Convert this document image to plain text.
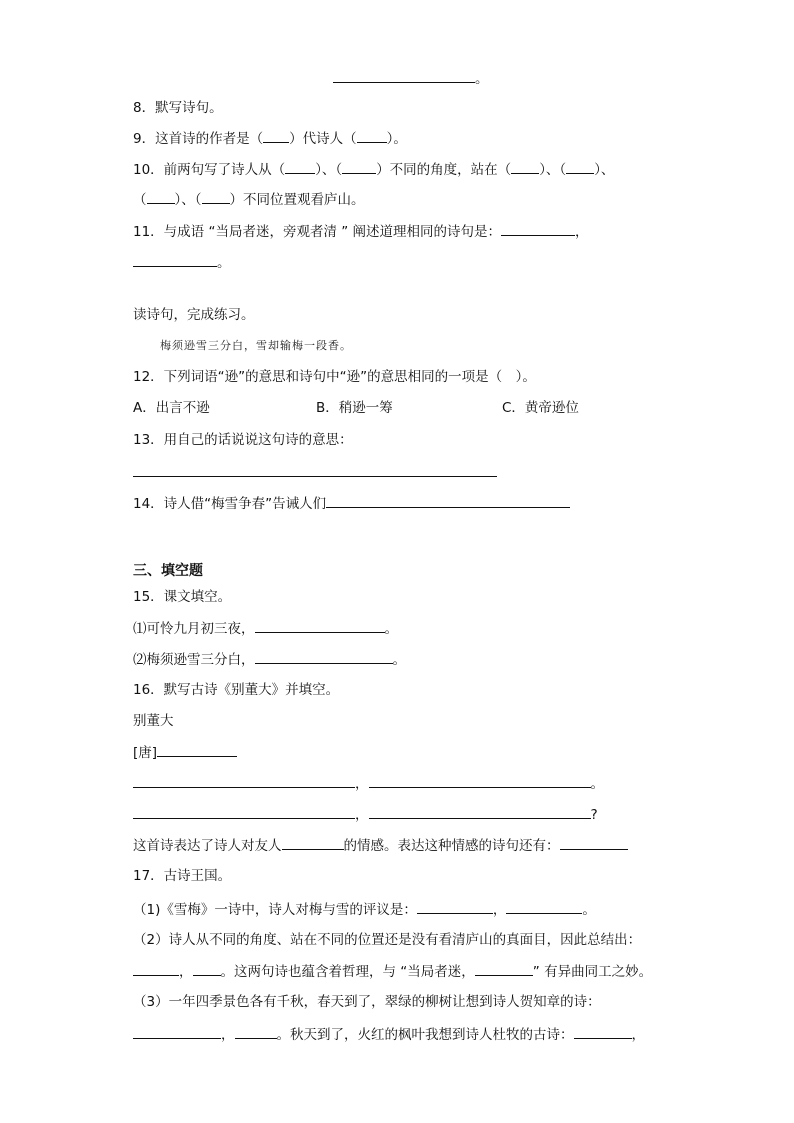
。
8．默写诗句。
9．这首诗的作者是（ ）代诗人（ ）。
10．前两句写了诗人从（ ）、（	）不同的角度，站在（ ）、（ ）、
（ ）、（ ）不同位置观看庐山。
11．与成语 “当局者迷，旁观者清 ” 阐述道理相同的诗句是：	，
。
读诗句，完成练习。
梅须逊雪三分白，雪却输梅一段香。
12．下列词语“逊”的意思和诗句中“逊”的意思相同的一项是（　）。
A．出言不逊	B．稍逊一筹	C．黄帝逊位
13．用自己的话说说这句诗的意思：
14．诗人借“梅雪争春”告诫人们
三、填空题
15．课文填空。
⑴可怜九月初三夜，	。
⑵梅须逊雪三分白，	。
16．默写古诗《别董大》并填空。
别董大
[唐]
，	。
，	?
这首诗表达了诗人对友人	的情感。表达这种情感的诗句还有：
17．古诗王国。
（1)《雪梅》一诗中，诗人对梅与雪的评议是：	，	。
（2）诗人从不同的角度、站在不同的位置还是没有看清庐山的真面目，因此总结出：
， 。这两句诗也蕴含着哲理，与 “当局者迷，	” 有异曲同工之妙。
（3）一年四季景色各有千秋，春天到了，翠绿的柳树让想到诗人贺知章的诗：
，	。秋天到了，火红的枫叶我想到诗人杜牧的古诗：	，
